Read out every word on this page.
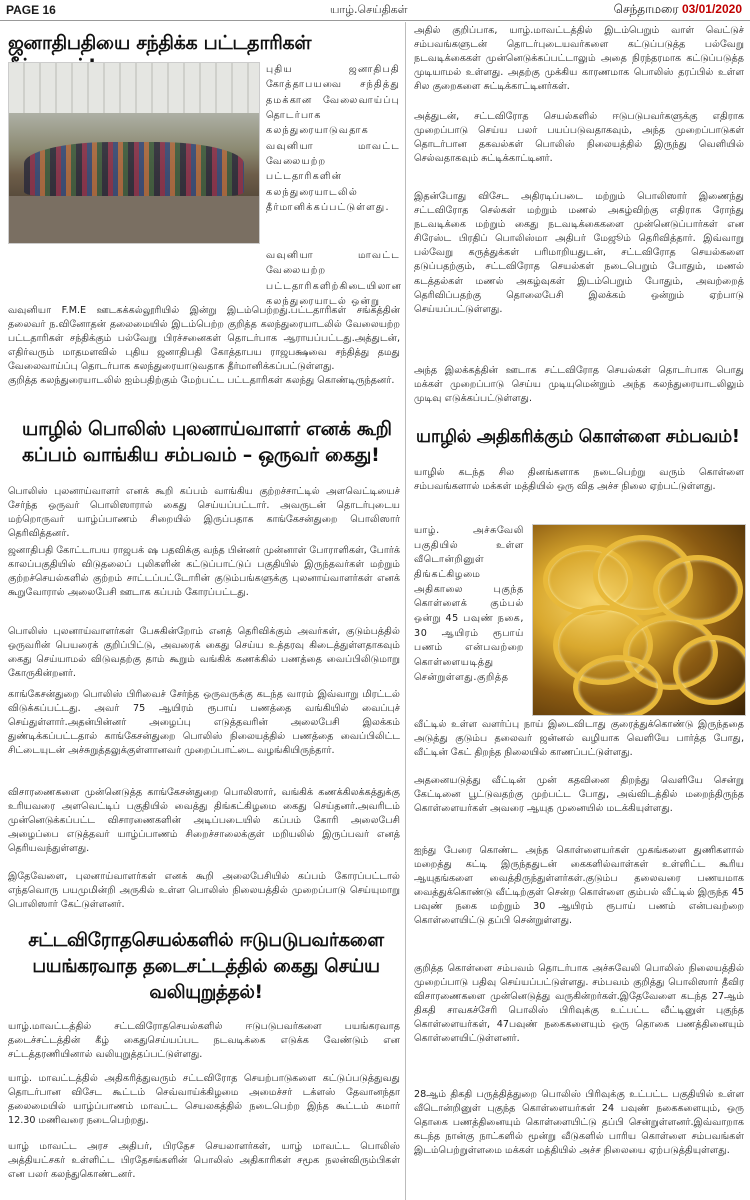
PAGE 16	யாழ்.செய்திகள்	செந்தாமரை 03/01/2020
ஜனாதிபதியை சந்திக்க பட்டதாரிகள்

புதிய ஜனாதிபதி கோத்தாபயவை சந்தித்து தமக்கான வேலைவாய்ப்பு தொடர்பாக கலந்துரையாடுவதாக வவுனியா மாவட்ட வேலையற்ற பட்டதாரிகளின் கலந்துரையாடலில் தீர்மானிக்கப்பட்டுள்ளது.

வவுனியா மாவட்ட வேலையற்ற பட்டதாரிகளிற்கிடையிலான கலந்துரையாடல் ஒன்று

வவுனியா F.M.E ஊடகக்கல்லூரியில் இன்று இடம்பெற்றது.பட்டதாரிகள் சங்கத்தின் தலைவர் ந.வினோதன் தலைமையில் இடம்பெற்ற குறித்த கலந்துரையாடலில் வேலையற்ற பட்டதாரிகள் சந்திக்கும் பல்வேறு பிரச்சனைகள் தொடர்பாக ஆராயப்பட்டது.அத்துடன், எதிர்வரும் மாதமளவில் புதிய ஜனாதிபதி கோத்தாபய ராஜபக்ஷவை சந்தித்து தமது வேலைவாய்ப்பு தொடர்பாக கலந்துரையாடுவதாக தீர்மானிக்கப்பட்டுள்ளது.

குறித்த கலந்துரையாடலில் ஐம்பதிற்கும் மேற்பட்ட பட்டதாரிகள் கலந்து கொண்டிருந்தனர்.

யாழில் பொலிஸ் புலனாய்வாளர் எனக் கூறி கப்பம் வாங்கிய சம்பவம் – ஒருவர் கைது!

பொலிஸ் புலனாய்வாளர் எனக் கூறி கப்பம் வாங்கிய குற்றச்சாட்டில் அளவெட்டியைச் சேர்ந்த ஒருவர் பொலிஸாரால் கைது செய்யப்பட்டார். அவருடன் தொடர்புடைய மற்றொருவர் யாழ்ப்பாணம் சிறையில் இருப்பதாக காங்கேசன்துறை பொலிஸார் தெரிவித்தனர்.

ஜனாதிபதி கோட்டாபய ராஜபக் ஷ பதவிக்கு வந்த பின்னர் முன்னாள் போராளிகள், போர்க் காலப்பகுதியில் விடுதலைப் புலிகளின் கட்டுப்பாட்டுப் பகுதியில் இருந்தவர்கள் மற்றும் குற்றச்செயல்களில் குற்றம் சாட்டப்பட்டோரின் குடும்பங்களுக்கு புலனாய்வாளர்கள் எனக் கூறுவோரால் அலைபேசி ஊடாக கப்பம் கோரப்பட்டது.

பொலிஸ் புலனாய்வாளர்கள் பேசுகின்றோம் எனத் தெரிவிக்கும் அவர்கள், குடும்பத்தில் ஒருவரின் பெயரைக் குறிப்பிட்டு, அவரைக் கைது செய்ய உத்தரவு கிடைத்துள்ளதாகவும் கைது செய்யாமல் விடுவதற்கு தாம் கூறும் வங்கிக் கணக்கில் பணத்தை வைப்பிலிடுமாறு கோருகின்றனர்.

காங்கேசன்துறை பொலிஸ் பிரிவைச் சேர்ந்த ஒருவருக்கு கடந்த வாரம் இவ்வாறு மிரட்டல் விடுக்கப்பட்டது. அவர் 75 ஆயிரம் ரூபாய் பணத்தை வங்கியில் வைப்புச் செய்துள்ளார்.அதன்பின்னர் அழைப்பு எடுத்தவரின் அலைபேசி இலக்கம் துண்டிக்கப்பட்டதால் காங்கேசன்துறை பொலிஸ் நிலையத்தில் பணத்தை வைப்பிலிட்ட சிட்டையுடன் அச்சுறுத்தலுக்குள்ளானவர் முறைப்பாட்டை வழங்கியிருந்தார்.

விசாரணைகளை முன்னெடுத்த காங்கேசன்துறை பொலிஸார், வங்கிக் கணக்கிலக்கத்துக்கு உரியவரை அளவெட்டிப் பகுதியில் வைத்து திங்கட்கிழமை கைது செய்தனர்.அவரிடம் முன்னெடுக்கப்பட்ட விசாரணைகளின் அடிப்படையில் கப்பம் கோரி அலைபேசி அழைப்பை எடுத்தவர் யாழ்ப்பாணம் சிறைச்சாலைக்குள் மறியலில் இருப்பவர் எனத் தெரியவந்துள்ளது.

இதேவேளை, புலனாய்வாளர்கள் எனக் கூறி அலைபேசியில் கப்பம் கோரப்பட்டால் எந்தவொரு பயமுமின்றி அருகில் உள்ள பொலிஸ் நிலையத்தில் முறைப்பாடு செய்யுமாறு பொலிஸார் கேட்டுள்ளனர்.

சட்டவிரோதசெயல்களில் ஈடுபடுபவர்களை பயங்கரவாத தடைசட்டத்தில் கைது செய்ய வலியுறுத்தல்!

யாழ்.மாவட்டத்தில் சட்டவிரோதசெயல்களில் ஈடுபடுபவர்களை பயங்கரவாத தடைச்சட்டத்தின் கீழ் கைதுசெய்யப்பட நடவடிக்கை எடுக்க வேண்டும் என சட்டத்தரணியினால் வலியுறுத்தப்பட்டுள்ளது.

யாழ். மாவட்டத்தில் அதிகரித்துவரும் சட்டவிரோத செயற்பாடுகளை கட்டுப்படுத்துவது தொடர்பான விசேட கூட்டம் செவ்வாய்க்கிழமை அமைச்சர் டக்ளஸ் தேவானந்தா தலைமையில் யாழ்ப்பாணம் மாவட்ட செயலகத்தில் நடைபெற்ற இந்த கூட்டம் சுமார் 12.30 மணிவரை நடைபெற்றது.

யாழ் மாவட்ட அரச அதிபர், பிரதேச செயலாளர்கள், யாழ் மாவட்ட பொலிஸ் அத்தியட்சகர் உள்ளிட்ட பிரதேசங்களின் பொலிஸ் அதிகாரிகள் சமூக நலன்விரும்பிகள் என பலர் கலந்துகொண்டனர்.

அதில் குறிப்பாக, யாழ்.மாவட்டத்தில் இடம்பெறும் வாள் வெட்டுச் சம்பவங்களுடன் தொடர்புடையவர்களை கட்டுப்படுத்த பல்வேறு நடவடிக்கைகள் முன்னெடுக்கப்பட்டாலும் அதை நிரந்தரமாக கட்டுப்படுத்த முடியாமல் உள்ளது. அதற்கு முக்கிய காரணமாக பொலிஸ் தரப்பில் உள்ள சில குறைகளை சுட்டிக்காட்டினர்கள்.

அத்துடன், சட்டவிரோத செயல்களில் ஈடுபடுபவர்களுக்கு எதிராக முறைப்பாடு செய்ய பலர் பயப்படுவதாகவும், அந்த முறைப்பாடுகள் தொடர்பான தகவல்கள் பொலிஸ் நிலையத்தில் இருந்து வெளியில் செல்வதாகவும் சுட்டிக்காட்டினர்.

இதன்போது விசேட அதிரடிப்படை மற்றும் பொலிஸார் இணைந்து சட்டவிரோத செல்கள் மற்றும் மணல் அகழ்விற்கு எதிராக ரோந்து நடவடிக்கை மற்றும் கைது நடவடிக்கைகளை முன்னெடுப்பார்கள் என சிரேஸ்ட பிரதிப் பொலிஸ்மா அதிபர் மேஜூம் தெரிவித்தார். இவ்வாறு பல்வேறு கருத்துக்கள் பரிமாறியதுடன், சட்டவிரோத செயல்களை தடுப்பதற்கும், சட்டவிரோத செயல்கள் நடைபெறும் போதும், மணல் கடத்தல்கள் மணல் அகழ்வுகள் இடம்பெறும் போதும், அவற்றைத் தெரிவிப்பதற்கு தொலைபேசி இலக்கம் ஒன்றும் ஏற்பாடு செய்யப்பட்டுள்ளது.

அந்த இலக்கத்தின் ஊடாக சட்டவிரோத செயல்கள் தொடர்பாக பொது மக்கள் முறைப்பாடு செய்ய முடியுமென்றும் அந்த கலந்துரையாடலிலும் முடிவு எடுக்கப்பட்டுள்ளது.

யாழில் அதிகரிக்கும் கொள்ளை சம்பவம்!

யாழில் கடந்த சில தினங்களாக நடைபெற்று வரும் கொள்ளை சம்பவங்களால் மக்கள் மத்தியில் ஒரு வித அச்ச நிலை ஏற்பட்டுள்ளது.

யாழ். அச்சுவேலி பகுதியில் உள்ள வீடொன்றினுள் திங்கட்கிழமை அதிகாலை புகுந்த கொள்ளைக் கும்பல் ஒன்று 45 பவுண் நகை, 30 ஆயிரம் ரூபாய் பணம் என்பவற்றை கொள்ளையடித்து சென்றுள்ளது.குறித்த

வீட்டில் உள்ள வளர்ப்பு நாய் இடைவிடாது குரைத்துக்கொண்டு இருந்ததை அடுத்து குடும்ப தலைவர் ஜன்னல் வழியாக வெளியே பார்த்த போது, வீட்டின் கேட் திறந்த நிலையில் காணப்பட்டுள்ளது.

அதனையடுத்து வீட்டின் முன் கதவினை திறந்து வெளியே சென்று கேட்டினை பூட்டுவதற்கு முற்பட்ட போது, அவ்விடத்தில் மறைந்திருந்த கொள்ளையர்கள் அவரை ஆயுத முனையில் மடக்கியுள்ளது.

ஐந்து பேரை கொண்ட அந்த கொள்ளையர்கள் முகங்களை துணிகளால் மறைத்து கட்டி இருந்ததுடன் கைகளில்வாள்கள் உள்ளிட்ட கூரிய ஆயுதங்களை வைத்திருந்துள்ளர்கள்.குடும்ப தலைவரை பணயமாக வைத்துக்கொண்டு வீட்டிற்குள் சென்ற கொள்ளை கும்பல் வீட்டில் இருந்த 45 பவுண் நகை மற்றும் 30 ஆயிரம் ரூபாய் பணம் என்பவற்றை கொள்ளையிட்டு தப்பி சென்றுள்ளது.

குறித்த கொள்ளை சம்பவம் தொடர்பாக அச்சுவேலி பொலிஸ் நிலையத்தில் முறைப்பாடு பதிவு செய்யப்பட்டுள்ளது. சம்பவம் குறித்து பொலிஸார் தீவிர விசாரணைகளை முன்னெடுத்து வருகின்றர்கள்.இதேவேளை கடந்த 27ஆம் திகதி சாவகச்சேரி பொலிஸ் பிரிவுக்கு உட்பட்ட வீட்டினுள் புகுந்த கொள்ளையர்கள், 47பவுண் நகைகளையும் ஒரு தொகை பணத்தினையும் கொள்ளையிட்டுள்ளனர்.

28ஆம் திகதி பருத்தித்துறை பொலிஸ் பிரிவுக்கு உட்பட்ட பகுதியில் உள்ள வீடொன்றினுள் புகுந்த கொள்ளையர்கள் 24 பவுண் நகைகளையும், ஒரு தொகை பணத்தினையும் கொள்ளையிட்டு தப்பி சென்றுள்ளனர்.இவ்வாறாக கடந்த நான்கு நாட்களில் மூன்று வீடுகளில் பாரிய கொள்ளை சம்பவங்கள் இடம்பெற்றுள்ளமை மக்கள் மத்தியில் அச்ச நிலையை ஏற்படுத்தியுள்ளது.
